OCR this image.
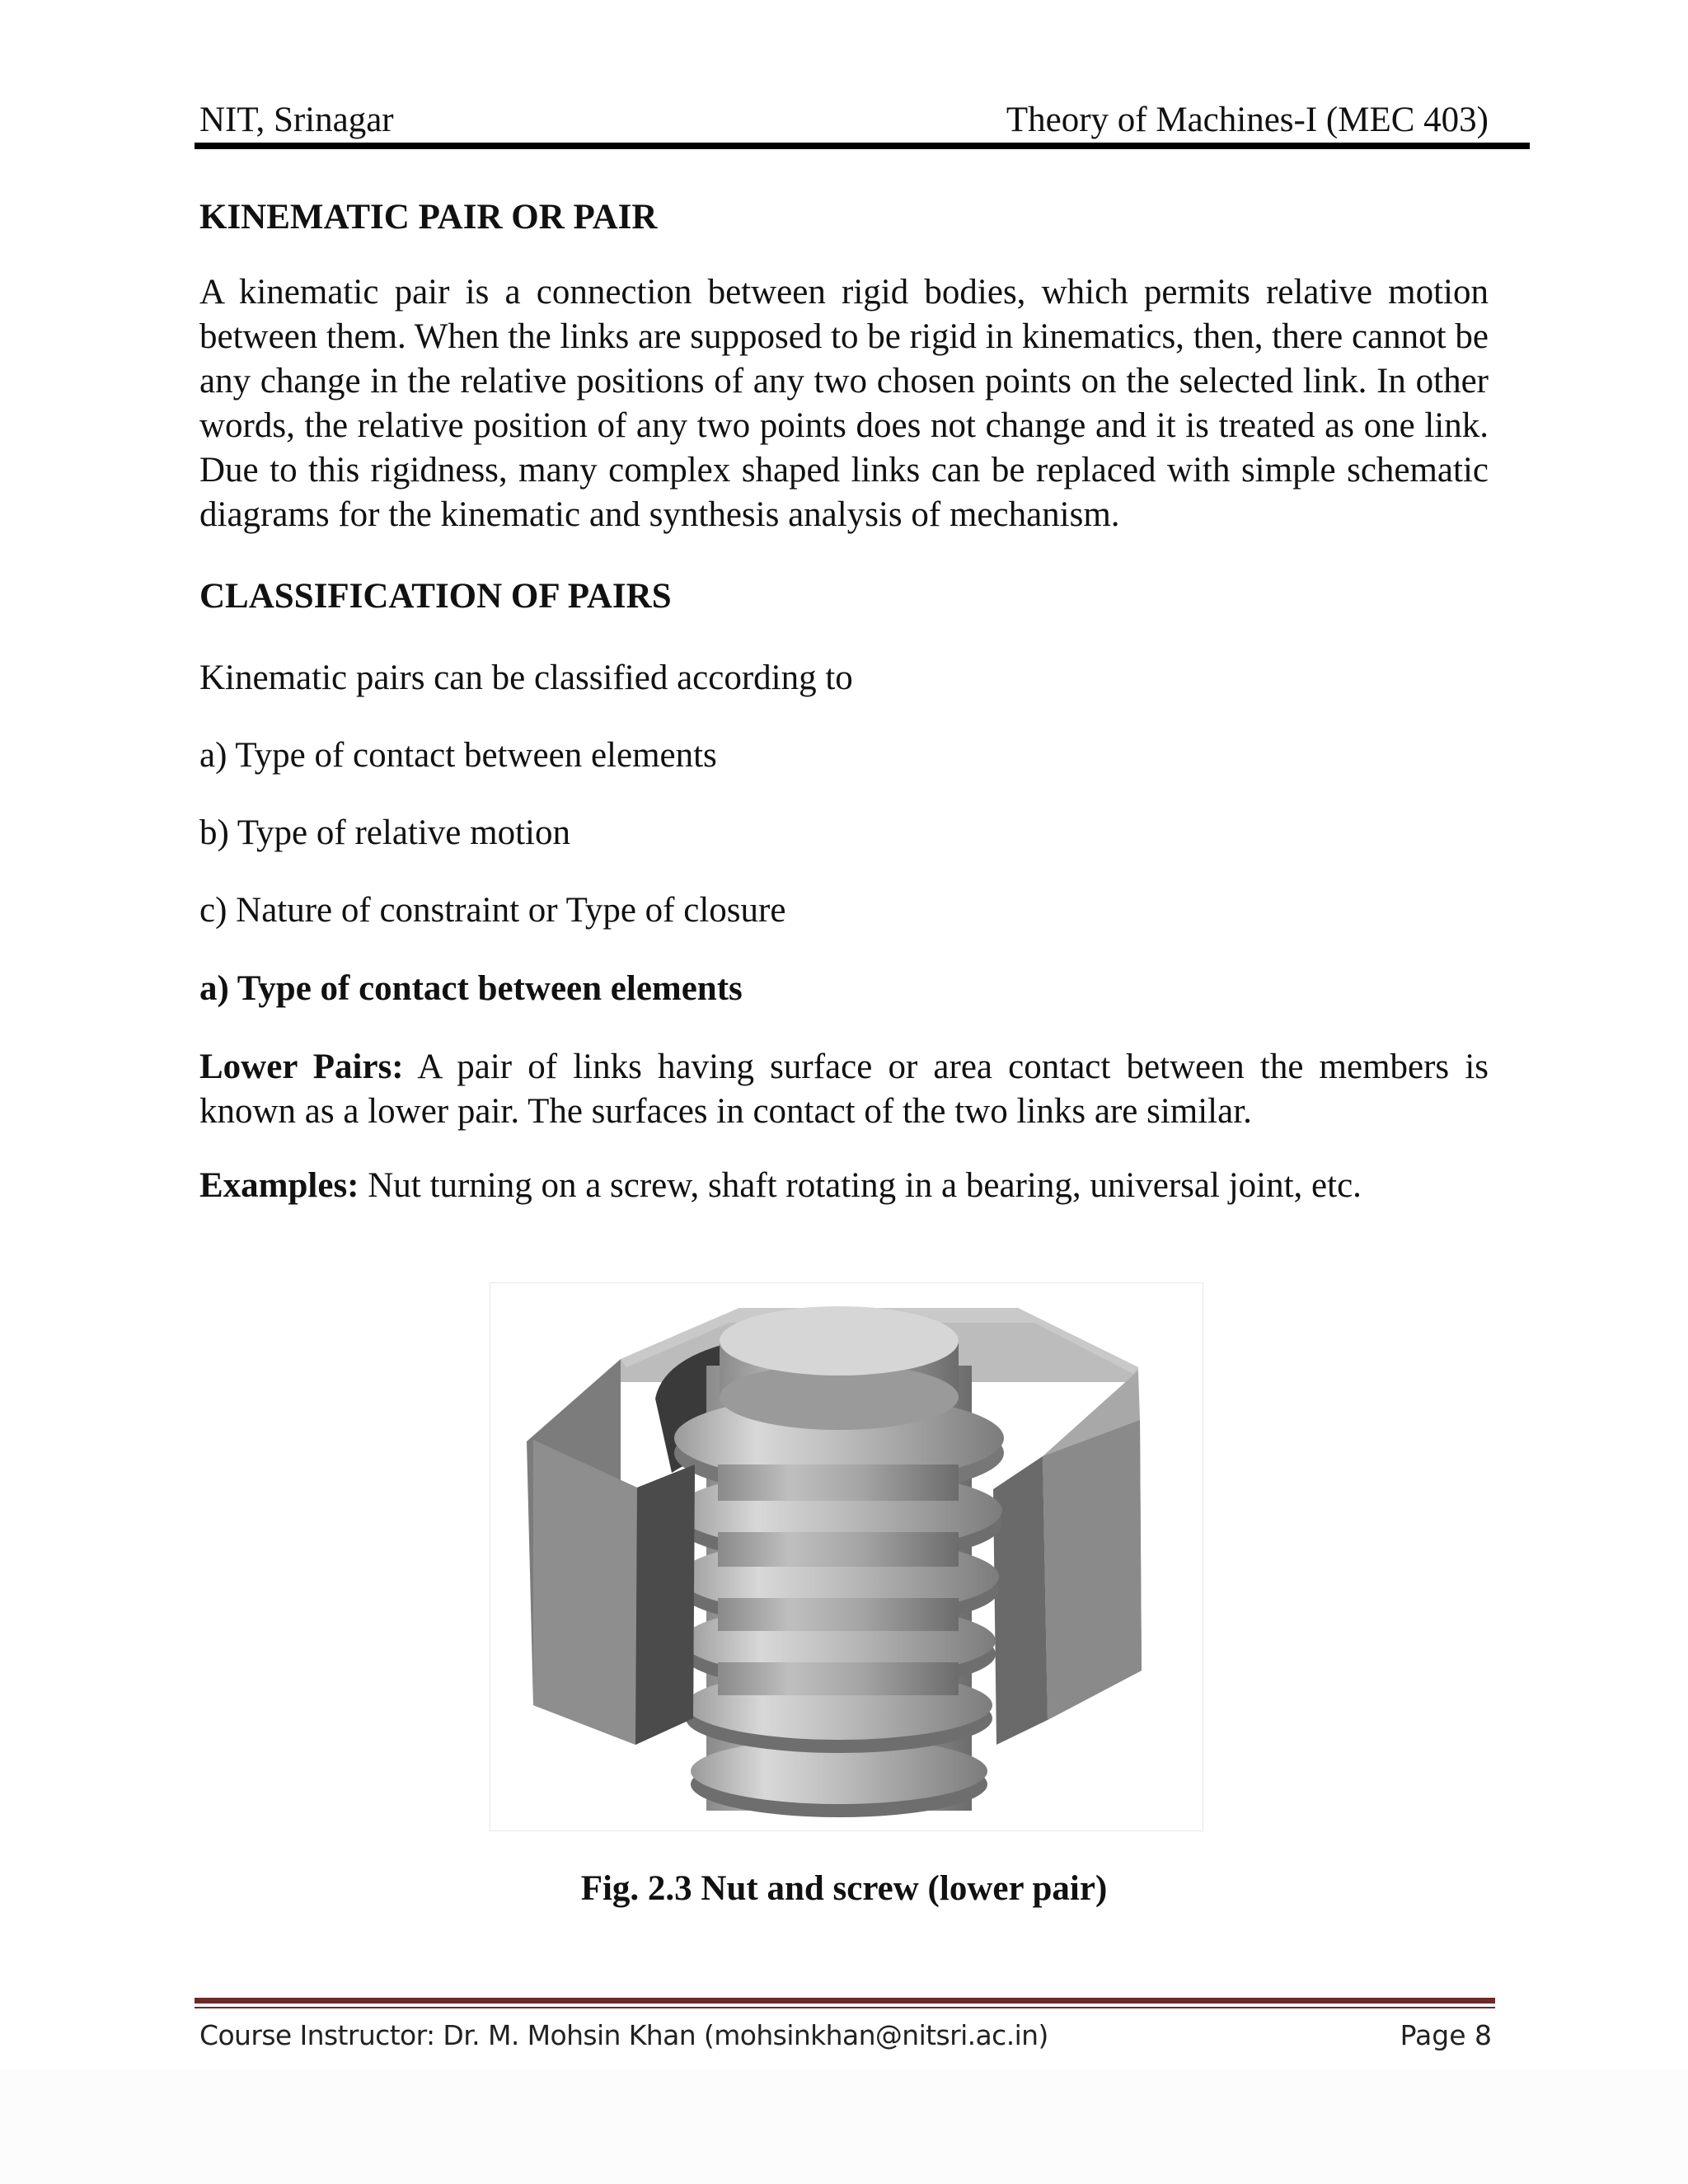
NIT, Srinagar	Theory of Machines-I (MEC 403)
KINEMATIC PAIR OR PAIR

A kinematic pair is a connection between rigid bodies, which permits relative motion between them. When the links are supposed to be rigid in kinematics, then, there cannot be any change in the relative positions of any two chosen points on the selected link. In other words, the relative position of any two points does not change and it is treated as one link. Due to this rigidness, many complex shaped links can be replaced with simple schematic diagrams for the kinematic and synthesis analysis of mechanism.

CLASSIFICATION OF PAIRS

Kinematic pairs can be classified according to

a) Type of contact between elements

b) Type of relative motion

c) Nature of constraint or Type of closure

a) Type of contact between elements

Lower Pairs: A pair of links having surface or area contact between the members is known as a lower pair. The surfaces in contact of the two links are similar.

Examples: Nut turning on a screw, shaft rotating in a bearing, universal joint, etc.

Fig. 2.3 Nut and screw (lower pair)
Course Instructor: Dr. M. Mohsin Khan (mohsinkhan@nitsri.ac.in)	Page 8
